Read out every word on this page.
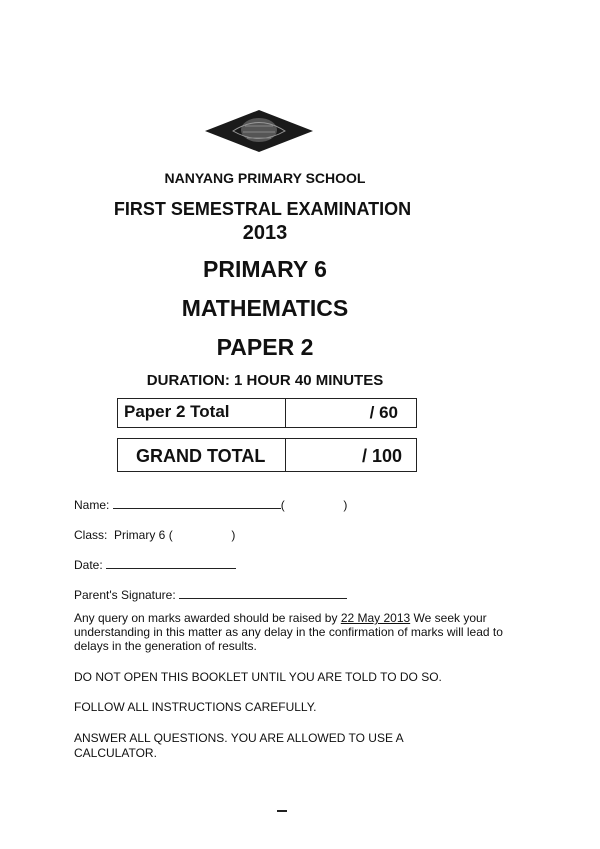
NANYANG PRIMARY SCHOOL
FIRST SEMESTRAL EXAMINATION
2013
PRIMARY 6
MATHEMATICS
PAPER 2
DURATION: 1 HOUR 40 MINUTES
Paper 2 Total	/ 60
GRAND TOTAL	/ 100
Name:	(	)
Class: Primary 6 (	)
Date:
Parent's Signature:
Any query on marks awarded should be raised by 22 May 2013 We seek your understanding in this matter as any delay in the confirmation of marks will lead to delays in the generation of results.
DO NOT OPEN THIS BOOKLET UNTIL YOU ARE TOLD TO DO SO.
FOLLOW ALL INSTRUCTIONS CAREFULLY.
ANSWER ALL QUESTIONS. YOU ARE ALLOWED TO USE A CALCULATOR.
